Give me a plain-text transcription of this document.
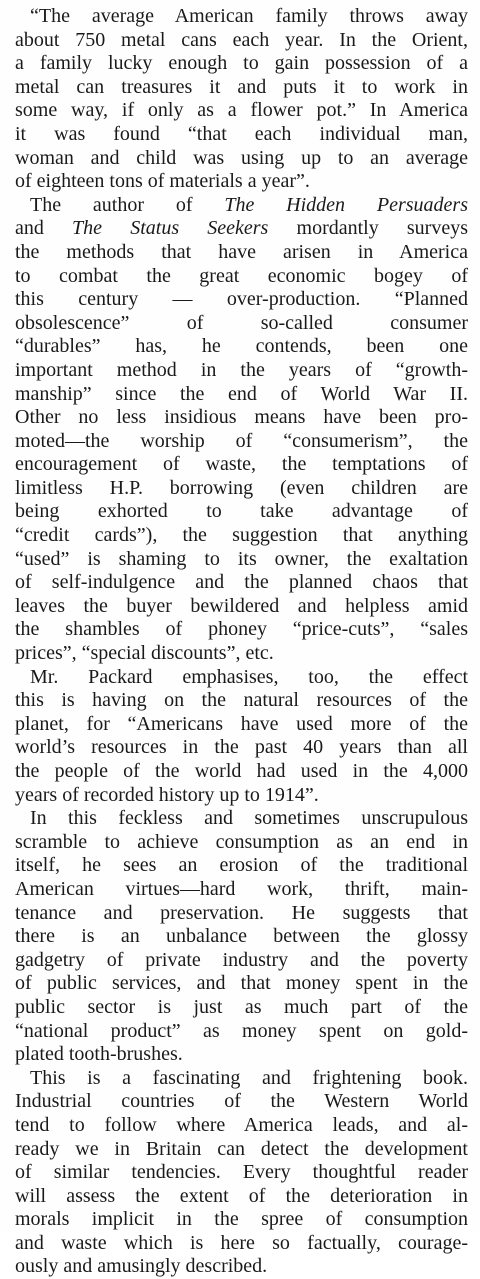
“The average American family throws away
about 750 metal cans each year. In the Orient,
a family lucky enough to gain possession of a
metal can treasures it and puts it to work in
some way, if only as a flower pot.” In America
it was found “that each individual man,
woman and child was using up to an average
of eighteen tons of materials a year”.
The author of The Hidden Persuaders
and The Status Seekers mordantly surveys
the methods that have arisen in America
to combat the great economic bogey of
this century — over-production. “Planned
obsolescence” of so-called consumer
“durables” has, he contends, been one
important method in the years of “growth-
manship” since the end of World War II.
Other no less insidious means have been pro-
moted—the worship of “consumerism”, the
encouragement of waste, the temptations of
limitless H.P. borrowing (even children are
being exhorted to take advantage of
“credit cards”), the suggestion that anything
“used” is shaming to its owner, the exaltation
of self-indulgence and the planned chaos that
leaves the buyer bewildered and helpless amid
the shambles of phoney “price-cuts”, “sales
prices”, “special discounts”, etc.
Mr. Packard emphasises, too, the effect
this is having on the natural resources of the
planet, for “Americans have used more of the
world’s resources in the past 40 years than all
the people of the world had used in the 4,000
years of recorded history up to 1914”.
In this feckless and sometimes unscrupulous
scramble to achieve consumption as an end in
itself, he sees an erosion of the traditional
American virtues—hard work, thrift, main-
tenance and preservation. He suggests that
there is an unbalance between the glossy
gadgetry of private industry and the poverty
of public services, and that money spent in the
public sector is just as much part of the
“national product” as money spent on gold-
plated tooth-brushes.
This is a fascinating and frightening book.
Industrial countries of the Western World
tend to follow where America leads, and al-
ready we in Britain can detect the development
of similar tendencies. Every thoughtful reader
will assess the extent of the deterioration in
morals implicit in the spree of consumption
and waste which is here so factually, courage-
ously and amusingly described.
